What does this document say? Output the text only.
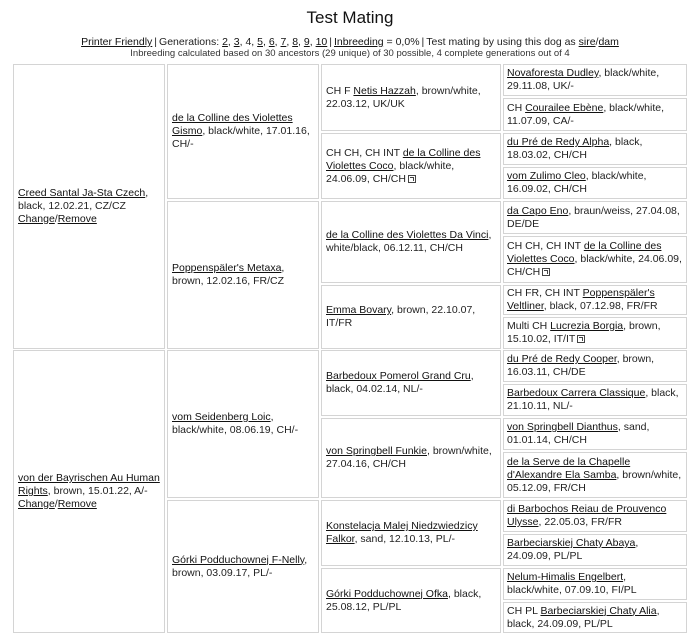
Test Mating
Printer Friendly | Generations: 2, 3, 4, 5, 6, 7, 8, 9, 10 | Inbreeding = 0,0% | Test mating by using this dog as sire/dam
Inbreeding calculated based on 30 ancestors (29 unique) of 30 possible, 4 complete generations out of 4
Creed Santal Ja-Sta Czech, black, 12.02.21, CZ/CZ
Change/Remove
von der Bayrischen Au Human Rights, brown, 15.01.22, A/-
Change/Remove
de la Colline des Violettes Gismo, black/white, 17.01.16, CH/-
Poppenspäler's Metaxa, brown, 12.02.16, FR/CZ
vom Seidenberg Loic, black/white, 08.06.19, CH/-
Górki Podduchownej F-Nelly, brown, 03.09.17, PL/-
CH F Netis Hazzah, brown/white, 22.03.12, UK/UK
CH CH, CH INT de la Colline des Violettes Coco, black/white, 24.06.09, CH/CH
de la Colline des Violettes Da Vinci, white/black, 06.12.11, CH/CH
Emma Bovary, brown, 22.10.07, IT/FR
Barbedoux Pomerol Grand Cru, black, 04.02.14, NL/-
von Springbell Funkie, brown/white, 27.04.16, CH/CH
Konstelacja Malej Niedzwiedzicy Falkor, sand, 12.10.13, PL/-
Górki Podduchownej Ofka, black, 25.08.12, PL/PL
Novaforesta Dudley, black/white, 29.11.08, UK/-
CH Courailee Ebène, black/white, 11.07.09, CA/-
du Pré de Redy Alpha, black, 18.03.02, CH/CH
vom Zulimo Cleo, black/white, 16.09.02, CH/CH
da Capo Eno, braun/weiss, 27.04.08, DE/DE
CH CH, CH INT de la Colline des Violettes Coco, black/white, 24.06.09, CH/CH
CH FR, CH INT Poppenspäler's Veltliner, black, 07.12.98, FR/FR
Multi CH Lucrezia Borgia, brown, 15.10.02, IT/IT
du Pré de Redy Cooper, brown, 16.03.11, CH/DE
Barbedoux Carrera Classique, black, 21.10.11, NL/-
von Springbell Dianthus, sand, 01.01.14, CH/CH
de la Serve de la Chapelle d'Alexandre Ela Samba, brown/white, 05.12.09, FR/CH
di Barbochos Reiau de Prouvenco Ulysse, 22.05.03, FR/FR
Barbeciarskiej Chaty Abaya, 24.09.09, PL/PL
Nelum-Himalis Engelbert, black/white, 07.09.10, FI/PL
CH PL Barbeciarskiej Chaty Alia, black, 24.09.09, PL/PL
